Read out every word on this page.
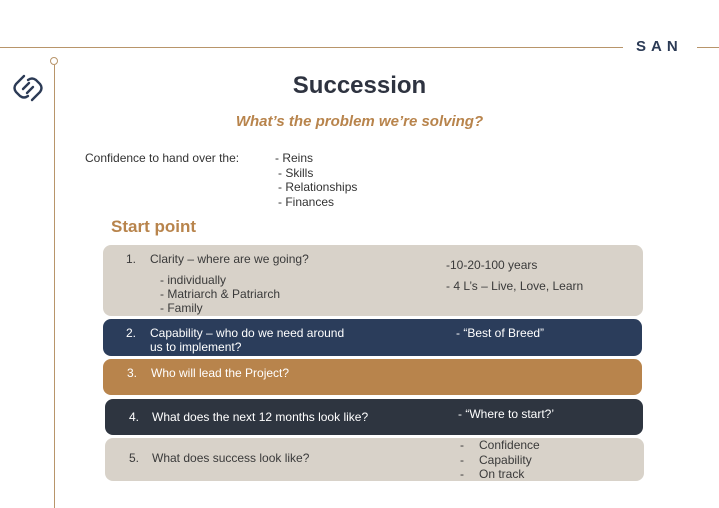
SAN
Succession
What’s the problem we’re solving?
Confidence to hand over the:	- Reins
- Skills
- Relationships
- Finances
Start point
1. Clarity – where are we going?
- individually
- Matriarch & Patriarch
- Family
-10-20-100 years
- 4 L’s – Live, Love, Learn
2. Capability – who do we need around
us to implement?
- “Best of Breed”
3. Who will lead the Project?
4. What does the next 12 months look like?	- “Where to start?’
5. What does success look like?
- Confidence
- Capability
- On track
